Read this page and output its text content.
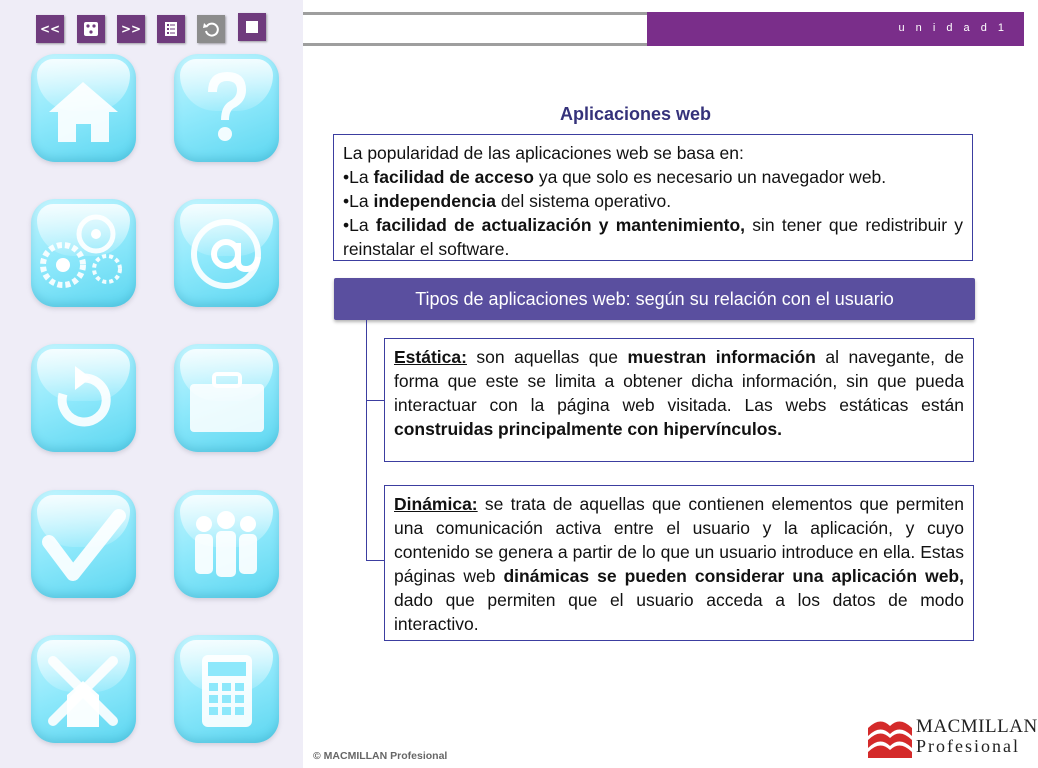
<<	>>	u n i d a d 1
Aplicaciones web
La popularidad de las aplicaciones web se basa en:
•La facilidad de acceso ya que solo es necesario un navegador web.
•La independencia del sistema operativo.
•La facilidad de actualización y mantenimiento, sin tener que redistribuir y reinstalar el software.
Tipos de aplicaciones web: según su relación con el usuario
Estática: son aquellas que muestran información al navegante, de forma que este se limita a obtener dicha información, sin que pueda interactuar con la página web visitada. Las webs estáticas están construidas principalmente con hipervínculos.
Dinámica: se trata de aquellas que contienen elementos que permiten una comunicación activa entre el usuario y la aplicación, y cuyo contenido se genera a partir de lo que un usuario introduce en ella. Estas páginas web dinámicas se pueden considerar una aplicación web, dado que permiten que el usuario acceda a los datos de modo interactivo.
© MACMILLAN Profesional
MACMILLAN
Profesional
